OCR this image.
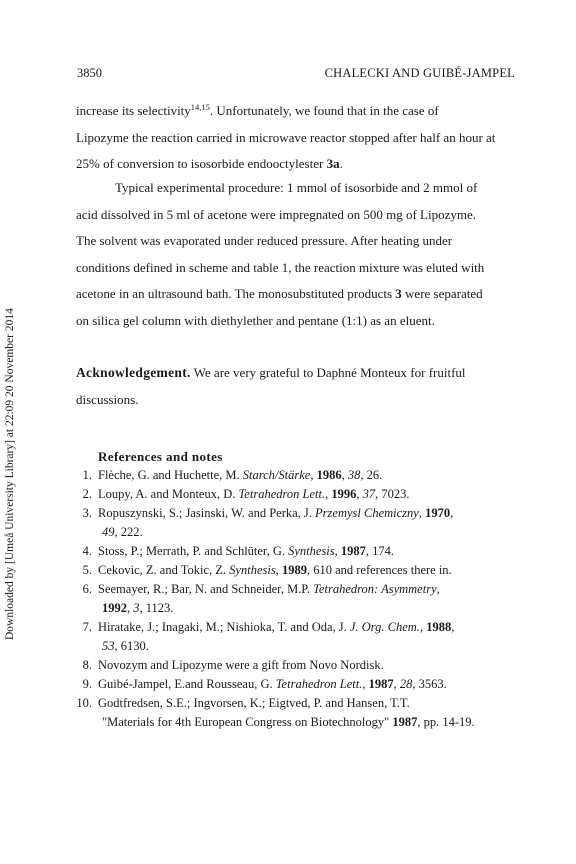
3850	CHALECKI AND GUIBÉ-JAMPEL
Downloaded by [Umeå University Library] at 22:09 20 November 2014
increase its selectivity$^{14,15}$. Unfortunately, we found that in the case of
Lipozyme the reaction carried in microwave reactor stopped after half an hour at
25% of conversion to isosorbide endooctylester 3a.
Typical experimental procedure: 1 mmol of isosorbide and 2 mmol of
acid dissolved in 5 ml of acetone were impregnated on 500 mg of Lipozyme.
The solvent was evaporated under reduced pressure. After heating under
conditions defined in scheme and table 1, the reaction mixture was eluted with
acetone in an ultrasound bath. The monosubstituted products 3 were separated
on silica gel column with diethylether and pentane (1:1) as an eluent.
Acknowledgement. We are very grateful to Daphné Monteux for fruitful
discussions.
References and notes
1. Flèche, G. and Huchette, M. Starch/Stärke, 1986, 38, 26.
2. Loupy, A. and Monteux, D. Tetrahedron Lett., 1996, 37, 7023.
3. Ropuszynski, S.; Jasinski, W. and Perka, J. Przemysl Chemiczny, 1970,
49, 222.
4. Stoss, P.; Merrath, P. and Schlüter, G. Synthesis, 1987, 174.
5. Cekovic, Z. and Tokic, Z. Synthesis, 1989, 610 and references there in.
6. Seemayer, R.; Bar, N. and Schneider, M.P. Tetrahedron: Asymmetry,
1992, 3, 1123.
7. Hiratake, J.; Inagaki, M.; Nishioka, T. and Oda, J. J. Org. Chem., 1988,
53, 6130.
8. Novozym and Lipozyme were a gift from Novo Nordisk.
9. Guibé-Jampel, E.and Rousseau, G. Tetrahedron Lett., 1987, 28, 3563.
10. Godtfredsen, S.E.; Ingvorsen, K.; Eigtved, P. and Hansen, T.T.
"Materials for 4th European Congress on Biotechnology" 1987, pp. 14-19.
